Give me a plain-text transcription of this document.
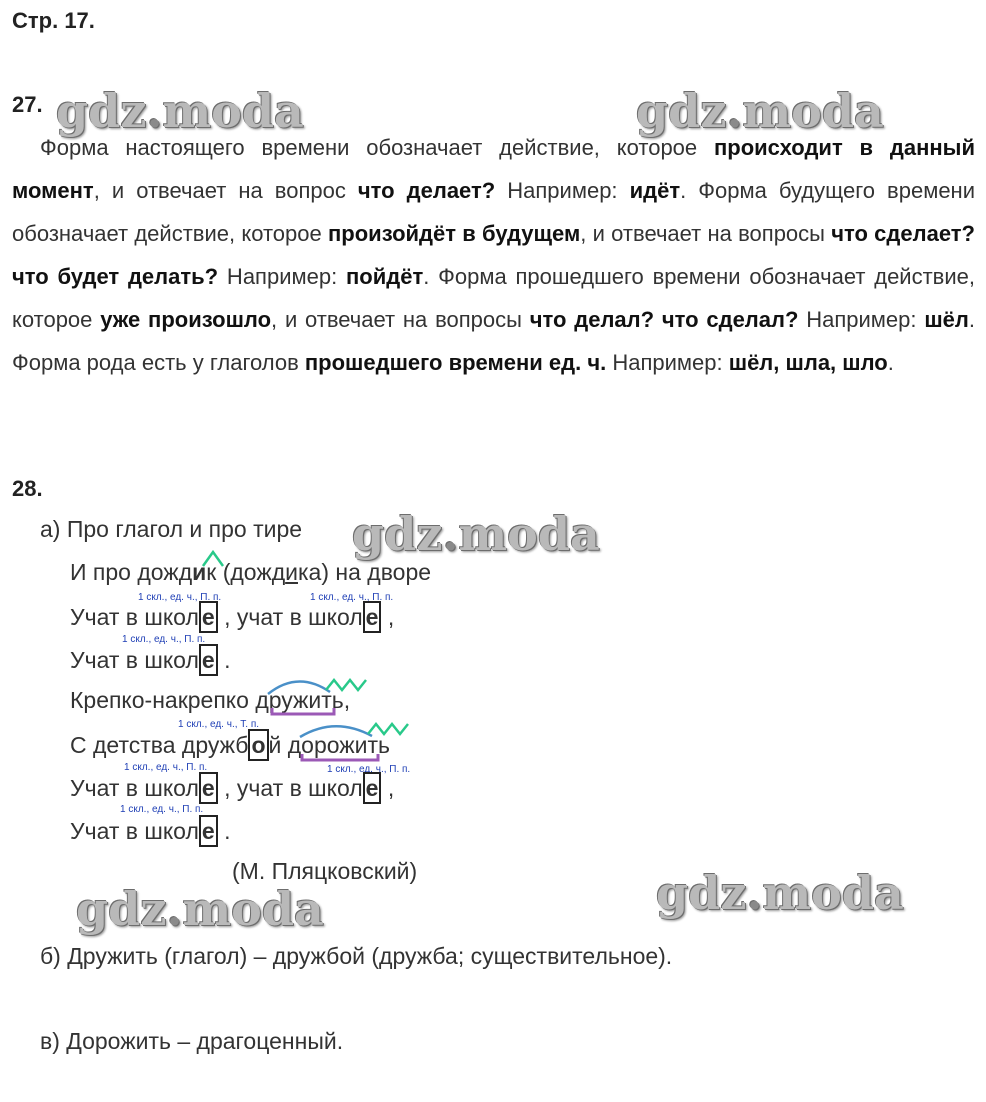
Стр. 17.
gdz.moda	gdz.moda
gdz.moda
gdz.moda	gdz.moda
27.
Форма настоящего времени обозначает действие, которое происходит в данный момент, и отвечает на вопрос что делает? Например: идёт. Форма будущего времени обозначает действие, которое произойдёт в будущем, и отвечает на вопросы что сделает? что будет делать? Например: пойдёт. Форма прошедшего времени обозначает действие, которое уже произошло, и отвечает на вопросы что делал? что сделал? Например: шёл. Форма рода есть у глаголов прошедшего времени ед. ч. Например: шёл, шла, шло.
28.
а) Про глагол и про тире
И про дождик (дождика) на дворе
1 скл., ед. ч., П. п.	1 скл., ед. ч., П. п.
Учат в школ е , учат в школ е ,
1 скл., ед. ч., П. п.
Учат в школ е .
Крепко-накрепко дружить,
1 скл., ед. ч., Т. п.
С детства дружб о й дорожить
1 скл., ед. ч., П. п.	1 скл., ед. ч., П. п.
Учат в школ е , учат в школ е ,
1 скл., ед. ч., П. п.
Учат в школ е .
(М. Пляцковский)
б) Дружить (глагол) – дружбой (дружба; существительное).
в) Дорожить – драгоценный.
